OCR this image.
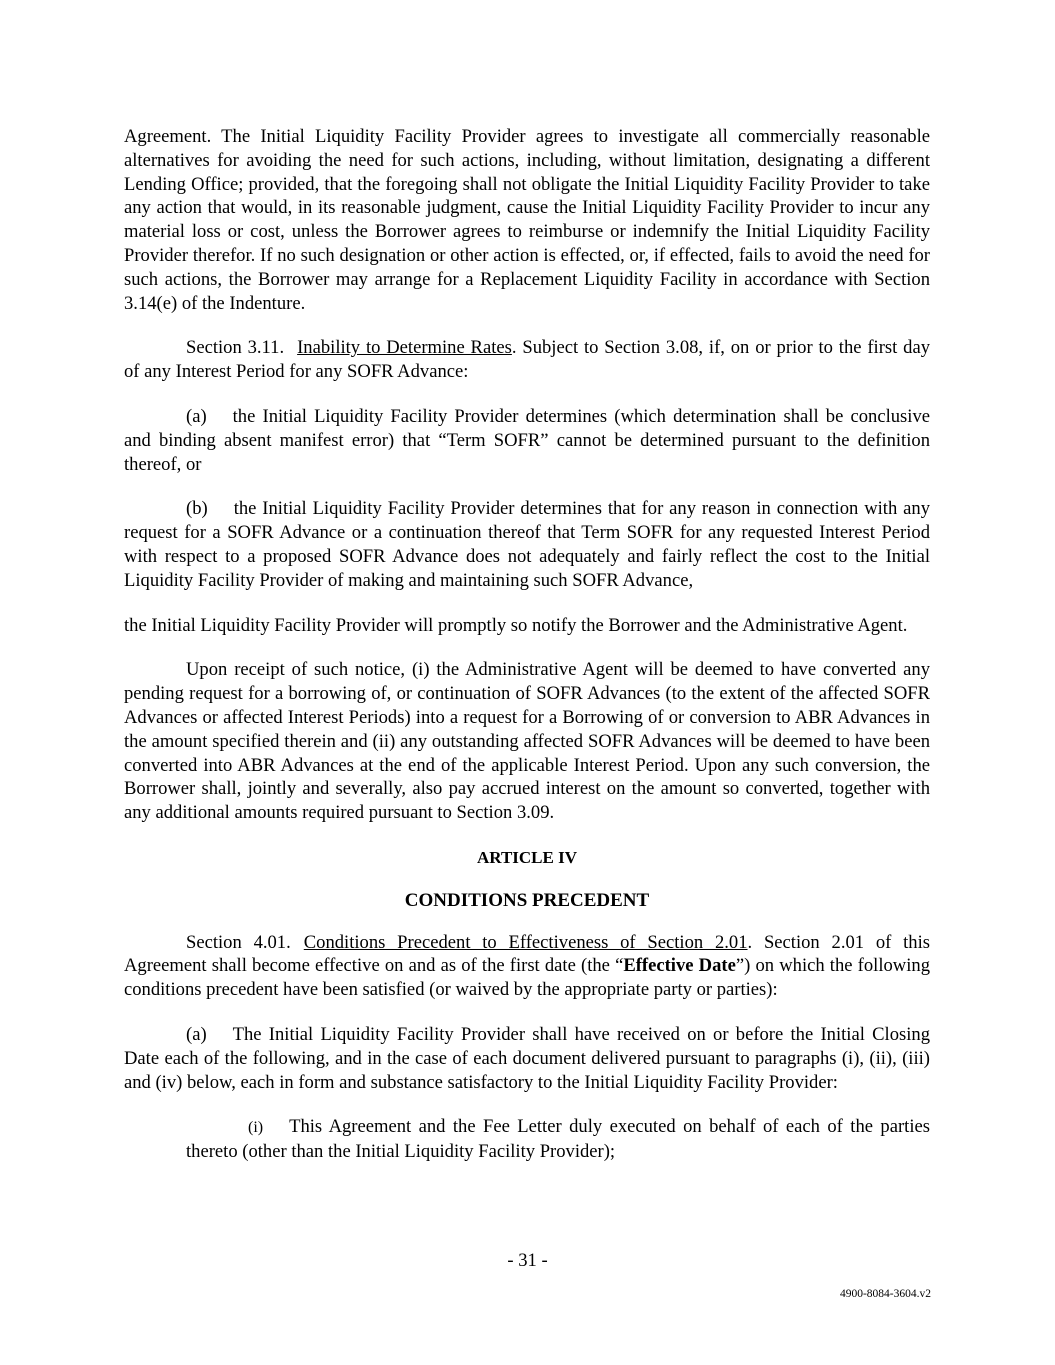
Agreement. The Initial Liquidity Facility Provider agrees to investigate all commercially reasonable alternatives for avoiding the need for such actions, including, without limitation, designating a different Lending Office; provided, that the foregoing shall not obligate the Initial Liquidity Facility Provider to take any action that would, in its reasonable judgment, cause the Initial Liquidity Facility Provider to incur any material loss or cost, unless the Borrower agrees to reimburse or indemnify the Initial Liquidity Facility Provider therefor. If no such designation or other action is effected, or, if effected, fails to avoid the need for such actions, the Borrower may arrange for a Replacement Liquidity Facility in accordance with Section 3.14(e) of the Indenture.

Section 3.11. Inability to Determine Rates. Subject to Section 3.08, if, on or prior to the first day of any Interest Period for any SOFR Advance:

(a) the Initial Liquidity Facility Provider determines (which determination shall be conclusive and binding absent manifest error) that “Term SOFR” cannot be determined pursuant to the definition thereof, or

(b) the Initial Liquidity Facility Provider determines that for any reason in connection with any request for a SOFR Advance or a continuation thereof that Term SOFR for any requested Interest Period with respect to a proposed SOFR Advance does not adequately and fairly reflect the cost to the Initial Liquidity Facility Provider of making and maintaining such SOFR Advance,

the Initial Liquidity Facility Provider will promptly so notify the Borrower and the Administrative Agent.

Upon receipt of such notice, (i) the Administrative Agent will be deemed to have converted any pending request for a borrowing of, or continuation of SOFR Advances (to the extent of the affected SOFR Advances or affected Interest Periods) into a request for a Borrowing of or conversion to ABR Advances in the amount specified therein and (ii) any outstanding affected SOFR Advances will be deemed to have been converted into ABR Advances at the end of the applicable Interest Period. Upon any such conversion, the Borrower shall, jointly and severally, also pay accrued interest on the amount so converted, together with any additional amounts required pursuant to Section 3.09.

ARTICLE IV

CONDITIONS PRECEDENT

Section 4.01. Conditions Precedent to Effectiveness of Section 2.01. Section 2.01 of this Agreement shall become effective on and as of the first date (the “Effective Date”) on which the following conditions precedent have been satisfied (or waived by the appropriate party or parties):

(a) The Initial Liquidity Facility Provider shall have received on or before the Initial Closing Date each of the following, and in the case of each document delivered pursuant to paragraphs (i), (ii), (iii) and (iv) below, each in form and substance satisfactory to the Initial Liquidity Facility Provider:

(i) This Agreement and the Fee Letter duly executed on behalf of each of the parties thereto (other than the Initial Liquidity Facility Provider);

- 31 -
4900-8084-3604.v2
